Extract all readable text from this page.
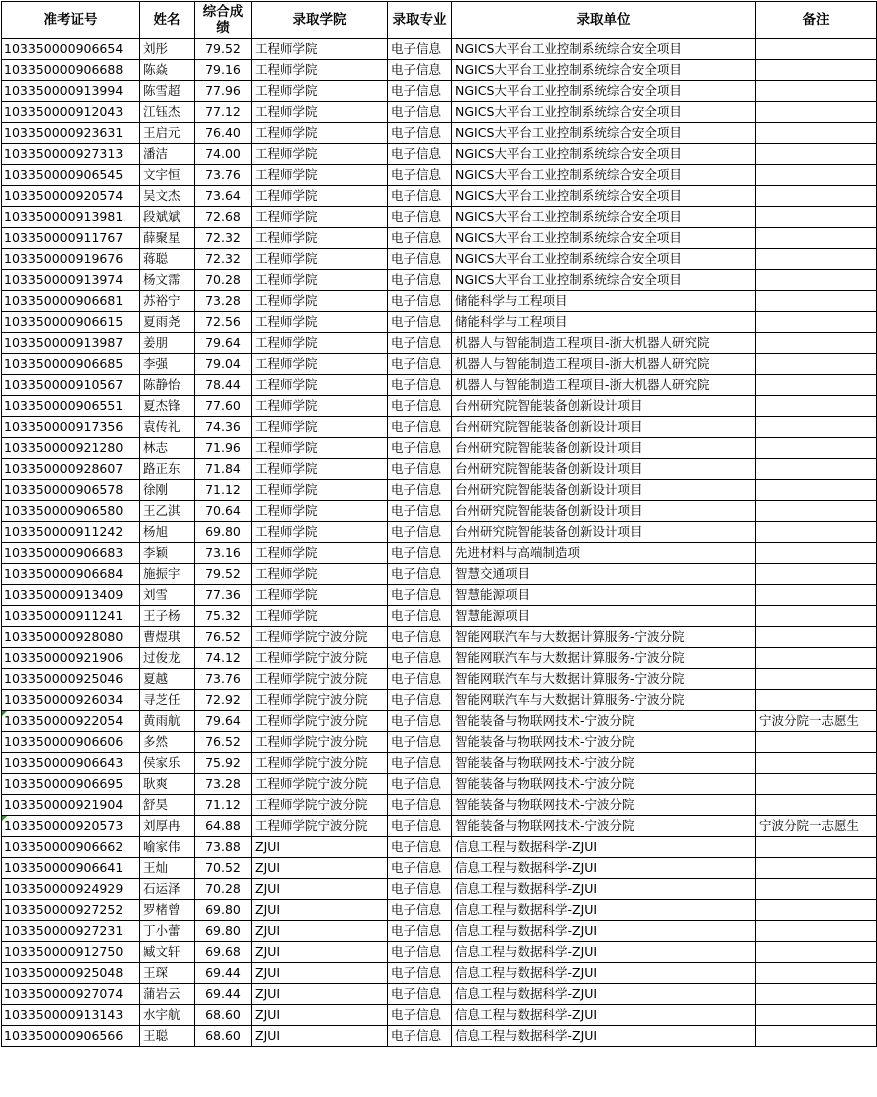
准考证号	姓名	综合成绩	录取学院	录取专业	录取单位	备注
103350000906654	刘彤	79.52	工程师学院	电子信息	NGICS大平台工业控制系统综合安全项目	
103350000906688	陈焱	79.16	工程师学院	电子信息	NGICS大平台工业控制系统综合安全项目	
103350000913994	陈雪超	77.96	工程师学院	电子信息	NGICS大平台工业控制系统综合安全项目	
103350000912043	江钰杰	77.12	工程师学院	电子信息	NGICS大平台工业控制系统综合安全项目	
103350000923631	王启元	76.40	工程师学院	电子信息	NGICS大平台工业控制系统综合安全项目	
103350000927313	潘洁	74.00	工程师学院	电子信息	NGICS大平台工业控制系统综合安全项目	
103350000906545	文宇恒	73.76	工程师学院	电子信息	NGICS大平台工业控制系统综合安全项目	
103350000920574	吴文杰	73.64	工程师学院	电子信息	NGICS大平台工业控制系统综合安全项目	
103350000913981	段斌斌	72.68	工程师学院	电子信息	NGICS大平台工业控制系统综合安全项目	
103350000911767	薛聚星	72.32	工程师学院	电子信息	NGICS大平台工业控制系统综合安全项目	
103350000919676	蒋聪	72.32	工程师学院	电子信息	NGICS大平台工业控制系统综合安全项目	
103350000913974	杨文霈	70.28	工程师学院	电子信息	NGICS大平台工业控制系统综合安全项目	
103350000906681	苏裕宁	73.28	工程师学院	电子信息	储能科学与工程项目	
103350000906615	夏雨尧	72.56	工程师学院	电子信息	储能科学与工程项目	
103350000913987	姜朋	79.64	工程师学院	电子信息	机器人与智能制造工程项目-浙大机器人研究院	
103350000906685	李强	79.04	工程师学院	电子信息	机器人与智能制造工程项目-浙大机器人研究院	
103350000910567	陈静怡	78.44	工程师学院	电子信息	机器人与智能制造工程项目-浙大机器人研究院	
103350000906551	夏杰锋	77.60	工程师学院	电子信息	台州研究院智能装备创新设计项目	
103350000917356	袁传礼	74.36	工程师学院	电子信息	台州研究院智能装备创新设计项目	
103350000921280	林志	71.96	工程师学院	电子信息	台州研究院智能装备创新设计项目	
103350000928607	路正东	71.84	工程师学院	电子信息	台州研究院智能装备创新设计项目	
103350000906578	徐刚	71.12	工程师学院	电子信息	台州研究院智能装备创新设计项目	
103350000906580	王乙淇	70.64	工程师学院	电子信息	台州研究院智能装备创新设计项目	
103350000911242	杨旭	69.80	工程师学院	电子信息	台州研究院智能装备创新设计项目	
103350000906683	李颖	73.16	工程师学院	电子信息	先进材料与高端制造项	
103350000906684	施振宇	79.52	工程师学院	电子信息	智慧交通项目	
103350000913409	刘雪	77.36	工程师学院	电子信息	智慧能源项目	
103350000911241	王子杨	75.32	工程师学院	电子信息	智慧能源项目	
103350000928080	曹煜琪	76.52	工程师学院宁波分院	电子信息	智能网联汽车与大数据计算服务-宁波分院	
103350000921906	过俊龙	74.12	工程师学院宁波分院	电子信息	智能网联汽车与大数据计算服务-宁波分院	
103350000925046	夏越	73.76	工程师学院宁波分院	电子信息	智能网联汽车与大数据计算服务-宁波分院	
103350000926034	寻芝任	72.92	工程师学院宁波分院	电子信息	智能网联汽车与大数据计算服务-宁波分院	
103350000922054	黄雨航	79.64	工程师学院宁波分院	电子信息	智能装备与物联网技术-宁波分院	宁波分院一志愿生
103350000906606	多然	76.52	工程师学院宁波分院	电子信息	智能装备与物联网技术-宁波分院	
103350000906643	侯家乐	75.92	工程师学院宁波分院	电子信息	智能装备与物联网技术-宁波分院	
103350000906695	耿爽	73.28	工程师学院宁波分院	电子信息	智能装备与物联网技术-宁波分院	
103350000921904	舒昊	71.12	工程师学院宁波分院	电子信息	智能装备与物联网技术-宁波分院	
103350000920573	刘厚冉	64.88	工程师学院宁波分院	电子信息	智能装备与物联网技术-宁波分院	宁波分院一志愿生
103350000906662	喻家伟	73.88	ZJUI	电子信息	信息工程与数据科学-ZJUI	
103350000906641	王灿	70.52	ZJUI	电子信息	信息工程与数据科学-ZJUI	
103350000924929	石运泽	70.28	ZJUI	电子信息	信息工程与数据科学-ZJUI	
103350000927252	罗楮曾	69.80	ZJUI	电子信息	信息工程与数据科学-ZJUI	
103350000927231	丁小蕾	69.80	ZJUI	电子信息	信息工程与数据科学-ZJUI	
103350000912750	臧文轩	69.68	ZJUI	电子信息	信息工程与数据科学-ZJUI	
103350000925048	王琛	69.44	ZJUI	电子信息	信息工程与数据科学-ZJUI	
103350000927074	蒲岩云	69.44	ZJUI	电子信息	信息工程与数据科学-ZJUI	
103350000913143	水宇航	68.60	ZJUI	电子信息	信息工程与数据科学-ZJUI	
103350000906566	王聪	68.60	ZJUI	电子信息	信息工程与数据科学-ZJUI	
